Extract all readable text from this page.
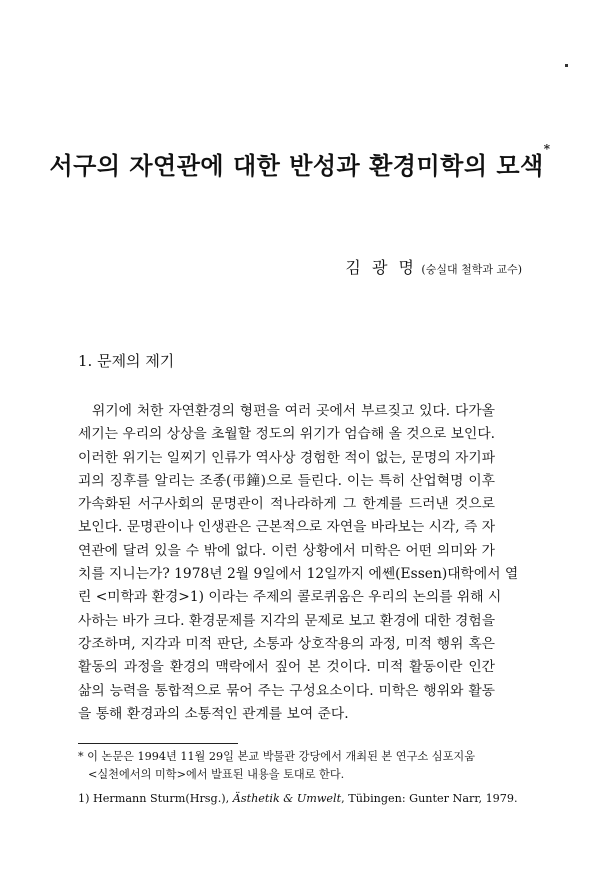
서구의 자연관에 대한 반성과 환경미학의 모색*
김 광 명 (숭실대 철학과 교수)
1. 문제의 제기
위기에 처한 자연환경의 형편을 여러 곳에서 부르짖고 있다. 다가올
세기는 우리의 상상을 초월할 정도의 위기가 엄습해 올 것으로 보인다.
이러한 위기는 일찌기 인류가 역사상 경험한 적이 없는, 문명의 자기파
괴의 징후를 알리는 조종(弔鐘)으로 들린다. 이는 특히 산업혁명 이후
가속화된 서구사회의 문명관이 적나라하게 그 한계를 드러낸 것으로
보인다. 문명관이나 인생관은 근본적으로 자연을 바라보는 시각, 즉 자
연관에 달려 있을 수 밖에 없다. 이런 상황에서 미학은 어떤 의미와 가
치를 지니는가? 1978년 2월 9일에서 12일까지 에쎈(Essen)대학에서 열
린 <미학과 환경>1) 이라는 주제의 콜로퀴움은 우리의 논의를 위해 시
사하는 바가 크다. 환경문제를 지각의 문제로 보고 환경에 대한 경험을
강조하며, 지각과 미적 판단, 소통과 상호작용의 과정, 미적 행위 혹은
활동의 과정을 환경의 맥락에서 짚어 본 것이다. 미적 활동이란 인간
삶의 능력을 통합적으로 묶어 주는 구성요소이다. 미학은 행위와 활동
을 통해 환경과의 소통적인 관계를 보여 준다.
* 이 논문은 1994년 11월 29일 본교 박물관 강당에서 개최된 본 연구소 심포지움
<실천에서의 미학>에서 발표된 내용을 토대로 한다.
1) Hermann Sturm(Hrsg.), Ästhetik & Umwelt, Tübingen: Gunter Narr, 1979.
